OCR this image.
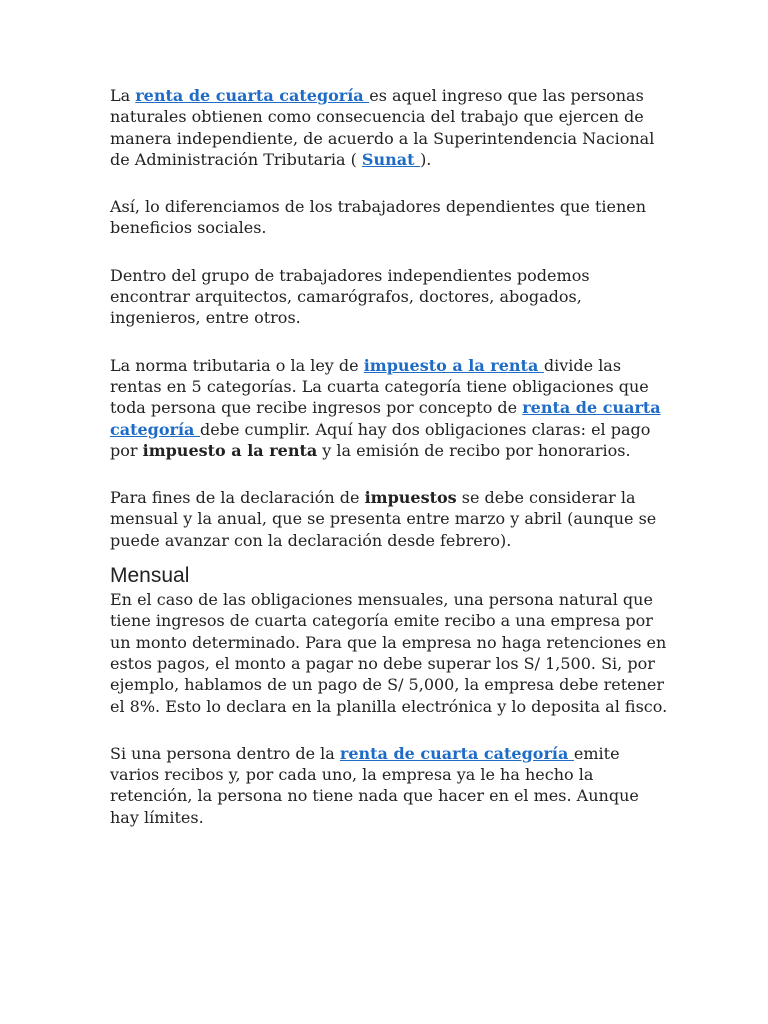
La renta de cuarta categoría es aquel ingreso que las personas naturales obtienen como consecuencia del trabajo que ejercen de manera independiente, de acuerdo a la Superintendencia Nacional de Administración Tributaria ( Sunat ).

Así, lo diferenciamos de los trabajadores dependientes que tienen beneficios sociales.

Dentro del grupo de trabajadores independientes podemos encontrar arquitectos, camarógrafos, doctores, abogados, ingenieros, entre otros.

La norma tributaria o la ley de impuesto a la renta divide las rentas en 5 categorías. La cuarta categoría tiene obligaciones que toda persona que recibe ingresos por concepto de renta de cuarta categoría debe cumplir. Aquí hay dos obligaciones claras: el pago por impuesto a la renta y la emisión de recibo por honorarios.

Para fines de la declaración de impuestos se debe considerar la mensual y la anual, que se presenta entre marzo y abril (aunque se puede avanzar con la declaración desde febrero).

Mensual

En el caso de las obligaciones mensuales, una persona natural que tiene ingresos de cuarta categoría emite recibo a una empresa por un monto determinado. Para que la empresa no haga retenciones en estos pagos, el monto a pagar no debe superar los S/ 1,500. Si, por ejemplo, hablamos de un pago de S/ 5,000, la empresa debe retener el 8%. Esto lo declara en la planilla electrónica y lo deposita al fisco.

Si una persona dentro de la renta de cuarta categoría emite varios recibos y, por cada uno, la empresa ya le ha hecho la retención, la persona no tiene nada que hacer en el mes. Aunque hay límites.
